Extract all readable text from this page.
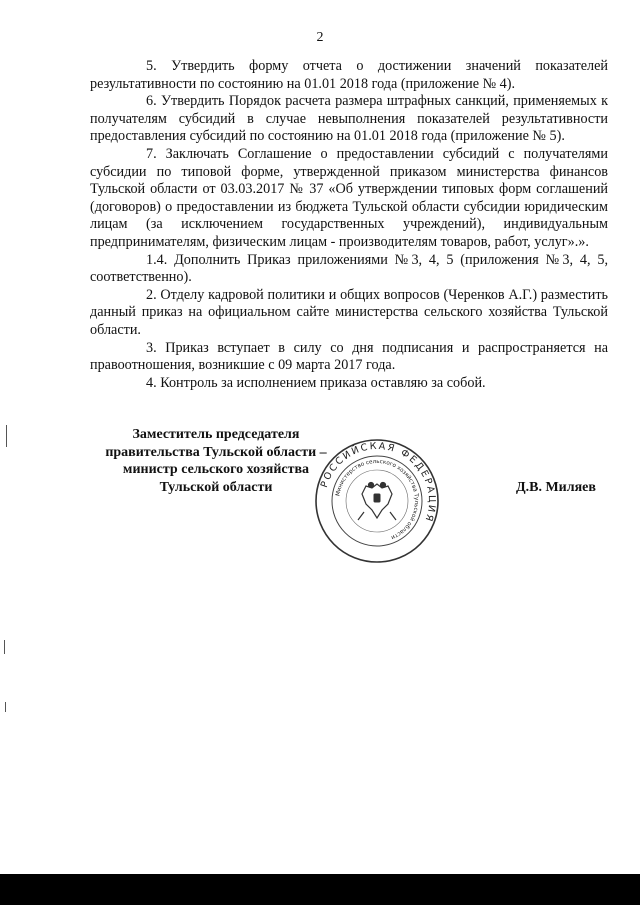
2

5. Утвердить форму отчета о достижении значений показателей результативности по состоянию на 01.01 2018 года (приложение № 4).

6. Утвердить Порядок расчета размера штрафных санкций, применяемых к получателям субсидий в случае невыполнения показателей результативности предоставления субсидий по состоянию на 01.01 2018 года (приложение № 5).

7. Заключать Соглашение о предоставлении субсидий с получателями субсидии по типовой форме, утвержденной приказом министерства финансов Тульской области от 03.03.2017 № 37 «Об утверждении типовых форм соглашений (договоров) о предоставлении из бюджета Тульской области субсидии юридическим лицам (за исключением государственных учреждений), индивидуальным предпринимателям, физическим лицам - производителям товаров, работ, услуг».».

1.4. Дополнить Приказ приложениями №3, 4, 5 (приложения №3, 4, 5, соответственно).

2. Отделу кадровой политики и общих вопросов (Черенков А.Г.) разместить данный приказ на официальном сайте министерства сельского хозяйства Тульской области.

3. Приказ вступает в силу со дня подписания и распространяется на правоотношения, возникшие с 09 марта 2017 года.

4. Контроль за исполнением приказа оставляю за собой.

Заместитель председателя
правительства Тульской области –
министр сельского хозяйства
Тульской области	Д.В. Миляев
РОССИЙСКАЯ ФЕДЕРАЦИЯ
Министерство сельского хозяйства Тульской области
